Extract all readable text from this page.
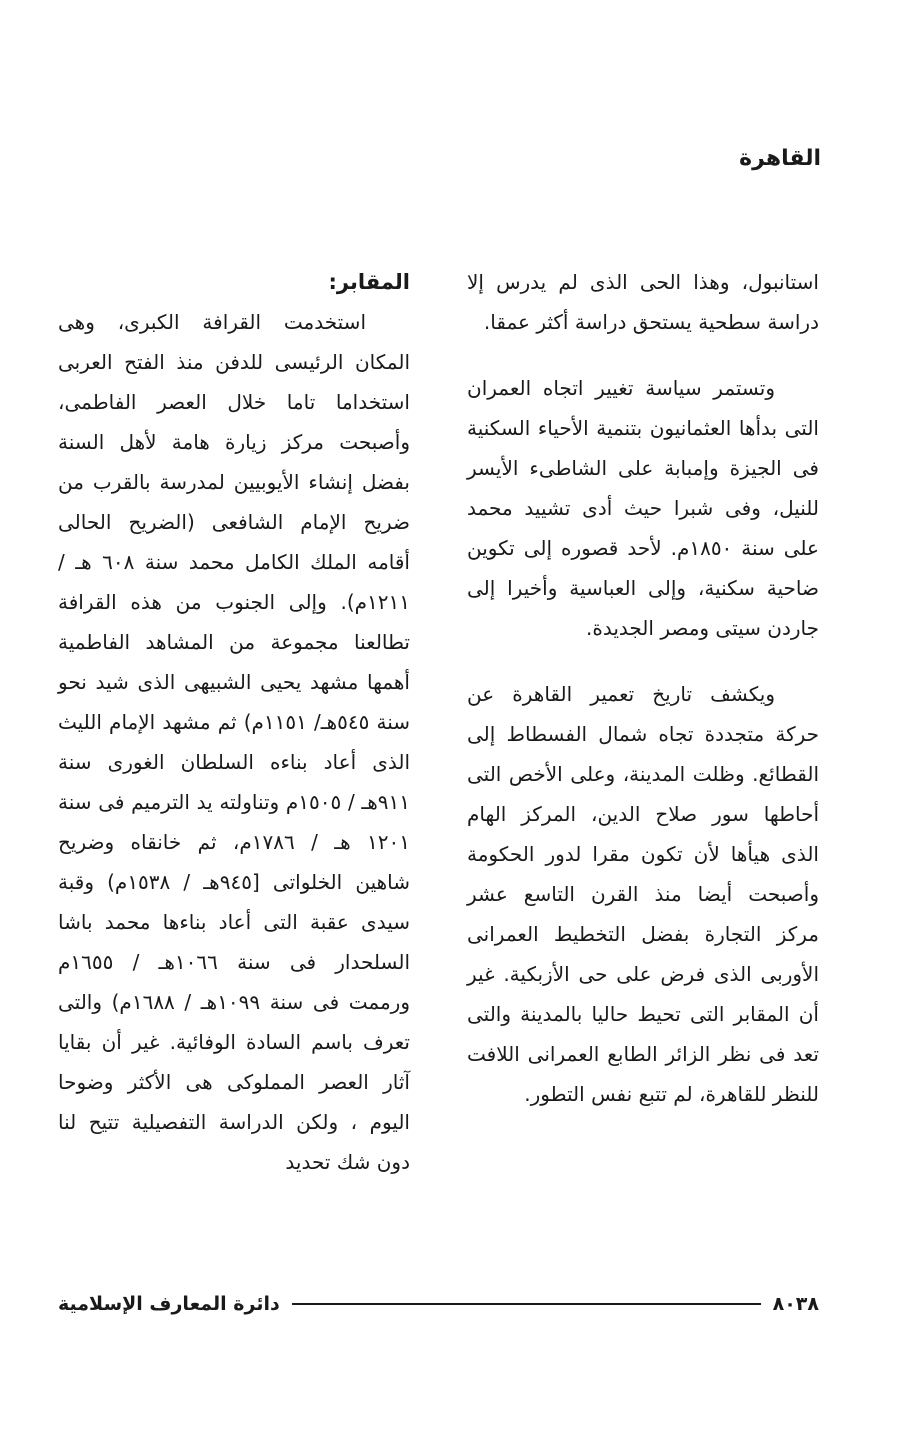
القاهرة

استانبول، وهذا الحى الذى لم يدرس إلا دراسة سطحية يستحق دراسة أكثر عمقا.

وتستمر سياسة تغيير اتجاه العمران التى بدأها العثمانيون بتنمية الأحياء السكنية فى الجيزة وإمبابة على الشاطىء الأيسر للنيل، وفى شبرا حيث أدى تشييد محمد على سنة ١٨٥٠م. لأحد قصوره إلى تكوين ضاحية سكنية، وإلى العباسية وأخيرا إلى جاردن سيتى ومصر الجديدة.

ويكشف تاريخ تعمير القاهرة عن حركة متجددة تجاه شمال الفسطاط إلى القطائع. وظلت المدينة، وعلى الأخص التى أحاطها سور صلاح الدين، المركز الهام الذى هيأها لأن تكون مقرا لدور الحكومة وأصبحت أيضا منذ القرن التاسع عشر مركز التجارة بفضل التخطيط العمرانى الأوربى الذى فرض على حى الأزبكية. غير أن المقابر التى تحيط حاليا بالمدينة والتى تعد فى نظر الزائر الطابع العمرانى اللافت للنظر للقاهرة، لم تتبع نفس التطور.

المقابر:

استخدمت القرافة الكبرى، وهى المكان الرئيسى للدفن منذ الفتح العربى استخداما تاما خلال العصر الفاطمى، وأصبحت مركز زيارة هامة لأهل السنة بفضل إنشاء الأيوبيين لمدرسة بالقرب من ضريح الإمام الشافعى (الضريح الحالى أقامه الملك الكامل محمد سنة ٦٠٨ هـ / ١٢١١م). وإلى الجنوب من هذه القرافة تطالعنا مجموعة من المشاهد الفاطمية أهمها مشهد يحيى الشبيهى الذى شيد نحو سنة ٥٤٥هـ/ ١١٥١م) ثم مشهد الإمام الليث الذى أعاد بناءه السلطان الغورى سنة ٩١١هـ / ١٥٠٥م وتناولته يد الترميم فى سنة ١٢٠١ هـ / ١٧٨٦م، ثم خانقاه وضريح شاهين الخلواتى [٩٤٥هـ / ١٥٣٨م) وقبة سيدى عقبة التى أعاد بناءها محمد باشا السلحدار فى سنة ١٠٦٦هـ / ١٦٥٥م ورممت فى سنة ١٠٩٩هـ / ١٦٨٨م) والتى تعرف باسم السادة الوفائية. غير أن بقايا آثار العصر المملوكى هى الأكثر وضوحا اليوم ، ولكن الدراسة التفصيلية تتيح لنا دون شك تحديد

٨٠٣٨
دائرة المعارف الإسلامية
